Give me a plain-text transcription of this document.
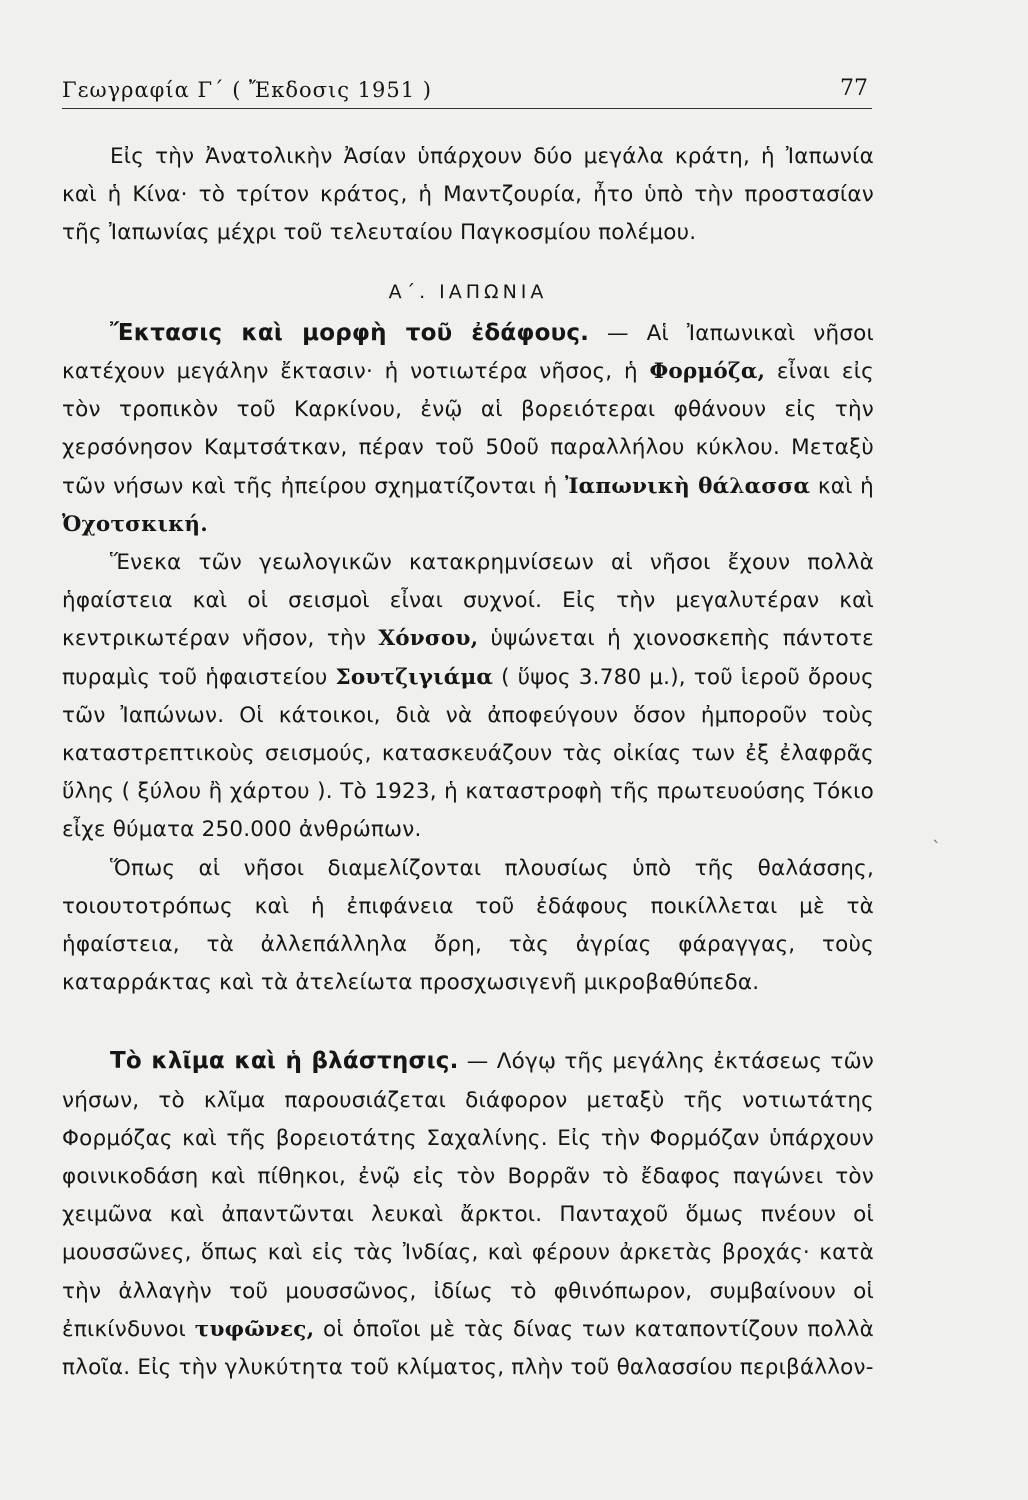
Γεωγραφία Γ΄ ( Ἔκδοσις 1951 )	77

Εἰς τὴν Ἀνατολικὴν Ἀσίαν ὑπάρχουν δύο μεγάλα κράτη, ἡ Ἰαπωνία καὶ ἡ Κίνα· τὸ τρίτον κράτος, ἡ Μαντζουρία, ἦτο ὑπὸ τὴν προστασίαν τῆς Ἰαπωνίας μέχρι τοῦ τελευταίου Παγκοσμίου πολέμου.

Α΄. ΙΑΠΩΝΙΑ

Ἔκτασις καὶ μορφὴ τοῦ ἐδάφους. — Αἱ Ἰαπωνικαὶ νῆσοι κατέχουν μεγάλην ἔκτασιν· ἡ νοτιωτέρα νῆσος, ἡ Φορμόζα, εἶναι εἰς τὸν τροπικὸν τοῦ Καρκίνου, ἐνῷ αἱ βορειότεραι φθάνουν εἰς τὴν χερσόνησον Καμτσάτκαν, πέραν τοῦ 50οῦ παραλλήλου κύκλου. Μεταξὺ τῶν νήσων καὶ τῆς ἠπείρου σχηματίζονται ἡ Ἰαπωνικὴ θάλασσα καὶ ἡ Ὀχοτσκική.

Ἕνεκα τῶν γεωλογικῶν κατακρημνίσεων αἱ νῆσοι ἔχουν πολλὰ ἡφαίστεια καὶ οἱ σεισμοὶ εἶναι συχνοί. Εἰς τὴν μεγαλυτέραν καὶ κεντρικωτέραν νῆσον, τὴν Χόνσου, ὑψώνεται ἡ χιονοσκεπὴς πάντοτε πυραμὶς τοῦ ἡφαιστείου Σουτζιγιάμα ( ὕψος 3.780 μ.), τοῦ ἱεροῦ ὄρους τῶν Ἰαπώνων. Οἱ κάτοικοι, διὰ νὰ ἀποφεύγουν ὅσον ἠμποροῦν τοὺς καταστρεπτικοὺς σεισμούς, κατασκευάζουν τὰς οἰκίας των ἐξ ἐλαφρᾶς ὕλης ( ξύλου ἢ χάρτου ). Τὸ 1923, ἡ καταστροφὴ τῆς πρωτευούσης Τόκιο εἶχε θύματα 250.000 ἀνθρώπων.

Ὅπως αἱ νῆσοι διαμελίζονται πλουσίως ὑπὸ τῆς θαλάσσης, τοιουτοτρόπως καὶ ἡ ἐπιφάνεια τοῦ ἐδάφους ποικίλλεται μὲ τὰ ἡφαίστεια, τὰ ἀλλεπάλληλα ὄρη, τὰς ἀγρίας φάραγγας, τοὺς καταρράκτας καὶ τὰ ἀτελείωτα προσχωσιγενῆ μικροβαθύπεδα.

Τὸ κλῖμα καὶ ἡ βλάστησις. — Λόγῳ τῆς μεγάλης ἐκτάσεως τῶν νήσων, τὸ κλῖμα παρουσιάζεται διάφορον μεταξὺ τῆς νοτιωτάτης Φορμόζας καὶ τῆς βορειοτάτης Σαχαλίνης. Εἰς τὴν Φορμόζαν ὑπάρχουν φοινικοδάση καὶ πίθηκοι, ἐνῷ εἰς τὸν Βορρᾶν τὸ ἔδαφος παγώνει τὸν χειμῶνα καὶ ἀπαντῶνται λευκαὶ ἄρκτοι. Πανταχοῦ ὅμως πνέουν οἱ μουσσῶνες, ὅπως καὶ εἰς τὰς Ἰνδίας, καὶ φέρουν ἀρκετὰς βροχάς· κατὰ τὴν ἀλλαγὴν τοῦ μουσσῶνος, ἰδίως τὸ φθινόπωρον, συμβαίνουν οἱ ἐπικίνδυνοι τυφῶνες, οἱ ὁποῖοι μὲ τὰς δίνας των καταποντίζουν πολλὰ πλοῖα. Εἰς τὴν γλυκύτητα τοῦ κλίματος, πλὴν τοῦ θαλασσίου περιβάλλον-

ˋ
